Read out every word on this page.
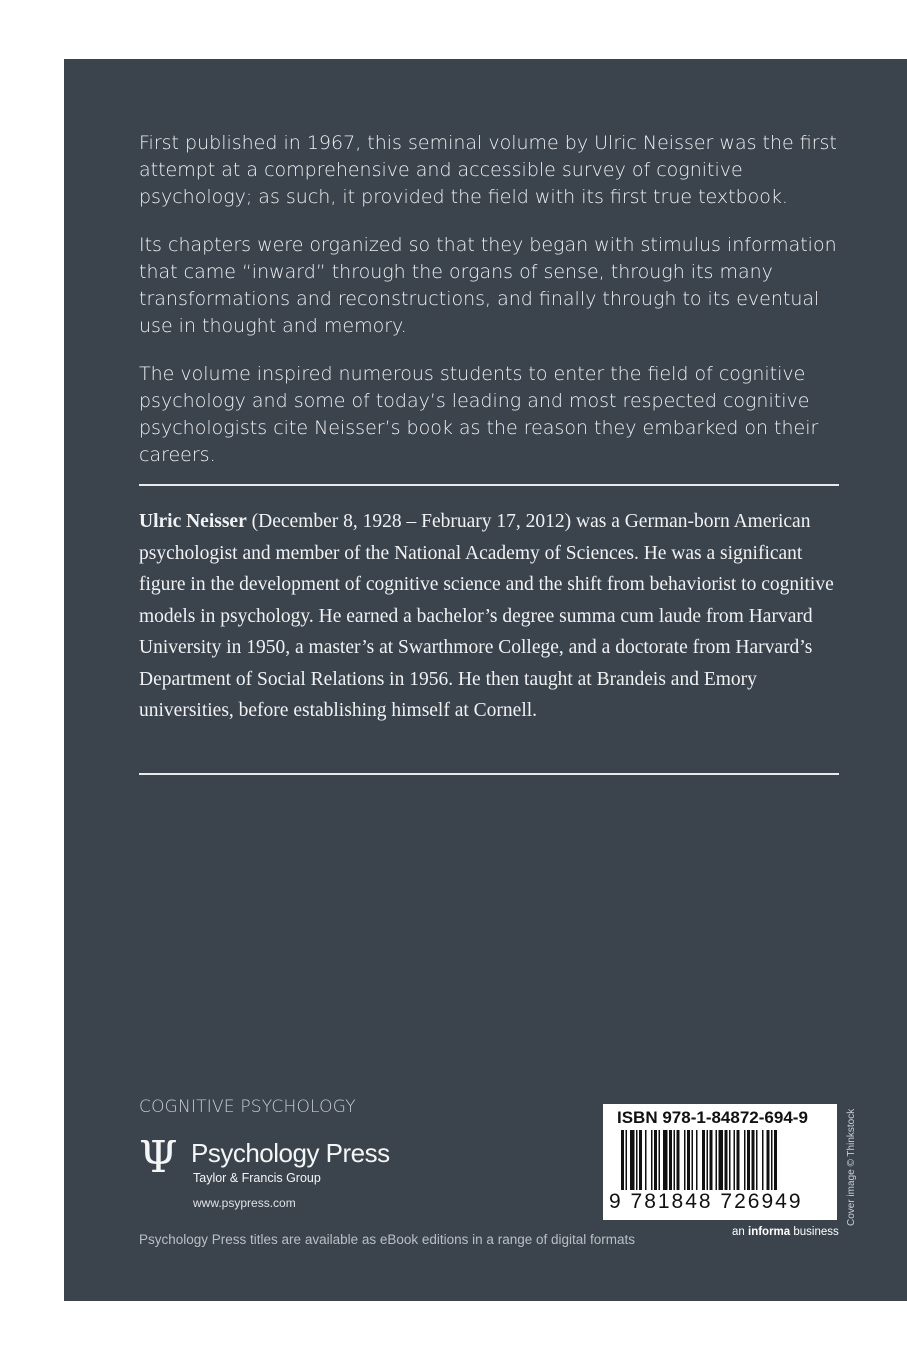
First published in 1967, this seminal volume by Ulric Neisser was the first attempt at a comprehensive and accessible survey of cognitive psychology; as such, it provided the field with its first true textbook.

Its chapters were organized so that they began with stimulus information that came “inward” through the organs of sense, through its many transformations and reconstructions, and finally through to its eventual use in thought and memory.

The volume inspired numerous students to enter the field of cognitive psychology and some of today’s leading and most respected cognitive psychologists cite Neisser’s book as the reason they embarked on their careers.

Ulric Neisser (December 8, 1928 – February 17, 2012) was a German-born American psychologist and member of the National Academy of Sciences. He was a significant figure in the development of cognitive science and the shift from behaviorist to cognitive models in psychology. He earned a bachelor’s degree summa cum laude from Harvard University in 1950, a master’s at Swarthmore College, and a doctorate from Harvard’s Department of Social Relations in 1956. He then taught at Brandeis and Emory universities, before establishing himself at Cornell.
COGNITIVE PSYCHOLOGY
Ψ Psychology Press
Taylor & Francis Group
www.psypress.com
Psychology Press titles are available as eBook editions in a range of digital formats
ISBN 978-1-84872-694-9
9 781848 726949
an informa business
Cover image © Thinkstock
